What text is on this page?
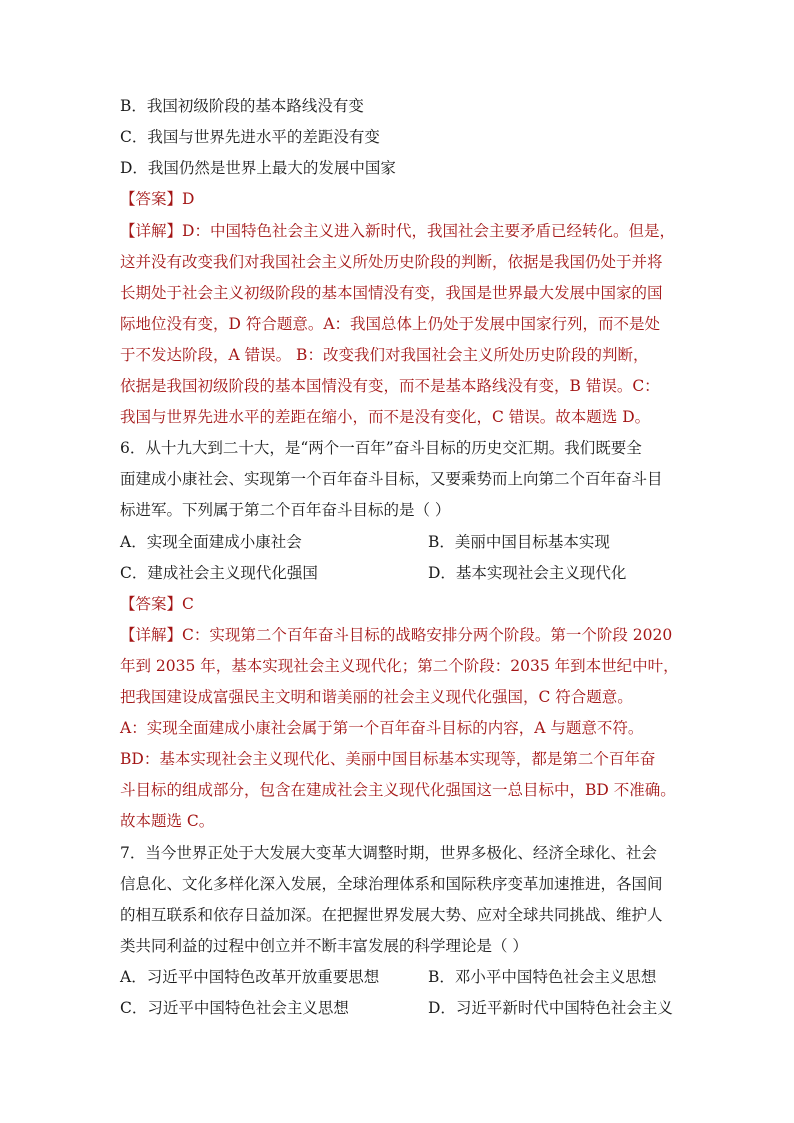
B．我国初级阶段的基本路线没有变
C．我国与世界先进水平的差距没有变
D．我国仍然是世界上最大的发展中国家
【答案】D
【详解】D：中国特色社会主义进入新时代，我国社会主要矛盾已经转化。但是，
这并没有改变我们对我国社会主义所处历史阶段的判断，依据是我国仍处于并将
长期处于社会主义初级阶段的基本国情没有变，我国是世界最大发展中国家的国
际地位没有变，D 符合题意。A：我国总体上仍处于发展中国家行列，而不是处
于不发达阶段，A 错误。 B：改变我们对我国社会主义所处历史阶段的判断，
依据是我国初级阶段的基本国情没有变，而不是基本路线没有变，B 错误。C：
我国与世界先进水平的差距在缩小，而不是没有变化，C 错误。故本题选 D。
6．从十九大到二十大，是“两个一百年”奋斗目标的历史交汇期。我们既要全
面建成小康社会、实现第一个百年奋斗目标，又要乘势而上向第二个百年奋斗目
标进军。下列属于第二个百年奋斗目标的是（ ）
A．实现全面建成小康社会	B．美丽中国目标基本实现
C．建成社会主义现代化强国	D．基本实现社会主义现代化
【答案】C
【详解】C：实现第二个百年奋斗目标的战略安排分两个阶段。第一个阶段 2020
年到 2035 年，基本实现社会主义现代化；第二个阶段：2035 年到本世纪中叶，
把我国建设成富强民主文明和谐美丽的社会主义现代化强国，C 符合题意。
A：实现全面建成小康社会属于第一个百年奋斗目标的内容，A 与题意不符。
BD：基本实现社会主义现代化、美丽中国目标基本实现等，都是第二个百年奋
斗目标的组成部分，包含在建成社会主义现代化强国这一总目标中，BD 不准确。
故本题选 C。
7．当今世界正处于大发展大变革大调整时期，世界多极化、经济全球化、社会
信息化、文化多样化深入发展，全球治理体系和国际秩序变革加速推进，各国间
的相互联系和依存日益加深。在把握世界发展大势、应对全球共同挑战、维护人
类共同利益的过程中创立并不断丰富发展的科学理论是（ ）
A．习近平中国特色改革开放重要思想	B．邓小平中国特色社会主义思想
C．习近平中国特色社会主义思想	D．习近平新时代中国特色社会主义
